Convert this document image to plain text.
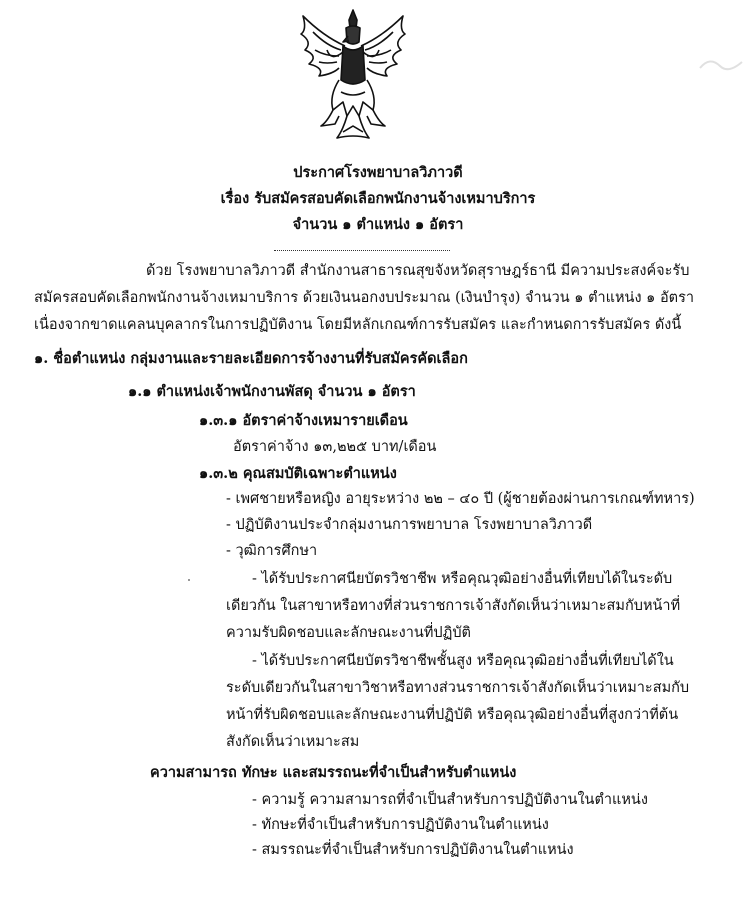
ประกาศโรงพยาบาลวิภาวดี
เรื่อง รับสมัครสอบคัดเลือกพนักงานจ้างเหมาบริการ
จำนวน ๑ ตำแหน่ง ๑ อัตรา
ด้วย โรงพยาบาลวิภาวดี สำนักงานสาธารณสุขจังหวัดสุราษฎร์ธานี มีความประสงค์จะรับ
สมัครสอบคัดเลือกพนักงานจ้างเหมาบริการ ด้วยเงินนอกงบประมาณ (เงินบำรุง) จำนวน ๑ ตำแหน่ง ๑ อัตรา
เนื่องจากขาดแคลนบุคลากรในการปฏิบัติงาน โดยมีหลักเกณฑ์การรับสมัคร และกำหนดการรับสมัคร ดังนี้
๑. ชื่อตำแหน่ง กลุ่มงานและรายละเอียดการจ้างงานที่รับสมัครคัดเลือก
๑.๑ ตำแหน่งเจ้าพนักงานพัสดุ จำนวน ๑ อัตรา
๑.๓.๑ อัตราค่าจ้างเหมารายเดือน
อัตราค่าจ้าง ๑๓,๒๒๕ บาท/เดือน
๑.๓.๒ คุณสมบัติเฉพาะตำแหน่ง
- เพศชายหรือหญิง อายุระหว่าง ๒๒ – ๔๐ ปี (ผู้ชายต้องผ่านการเกณฑ์ทหาร)
- ปฏิบัติงานประจำกลุ่มงานการพยาบาล โรงพยาบาลวิภาวดี
- วุฒิการศึกษา
- ได้รับประกาศนียบัตรวิชาชีพ หรือคุณวุฒิอย่างอื่นที่เทียบได้ในระดับ
เดียวกัน ในสาขาหรือทางที่ส่วนราชการเจ้าสังกัดเห็นว่าเหมาะสมกับหน้าที่
ความรับผิดชอบและลักษณะงานที่ปฏิบัติ
- ได้รับประกาศนียบัตรวิชาชีพชั้นสูง หรือคุณวุฒิอย่างอื่นที่เทียบได้ใน
ระดับเดียวกันในสาขาวิชาหรือทางส่วนราชการเจ้าสังกัดเห็นว่าเหมาะสมกับ
หน้าที่รับผิดชอบและลักษณะงานที่ปฏิบัติ หรือคุณวุฒิอย่างอื่นที่สูงกว่าที่ต้น
สังกัดเห็นว่าเหมาะสม
ความสามารถ ทักษะ และสมรรถนะที่จำเป็นสำหรับตำแหน่ง
- ความรู้ ความสามารถที่จำเป็นสำหรับการปฏิบัติงานในตำแหน่ง
- ทักษะที่จำเป็นสำหรับการปฏิบัติงานในตำแหน่ง
- สมรรถนะที่จำเป็นสำหรับการปฏิบัติงานในตำแหน่ง
